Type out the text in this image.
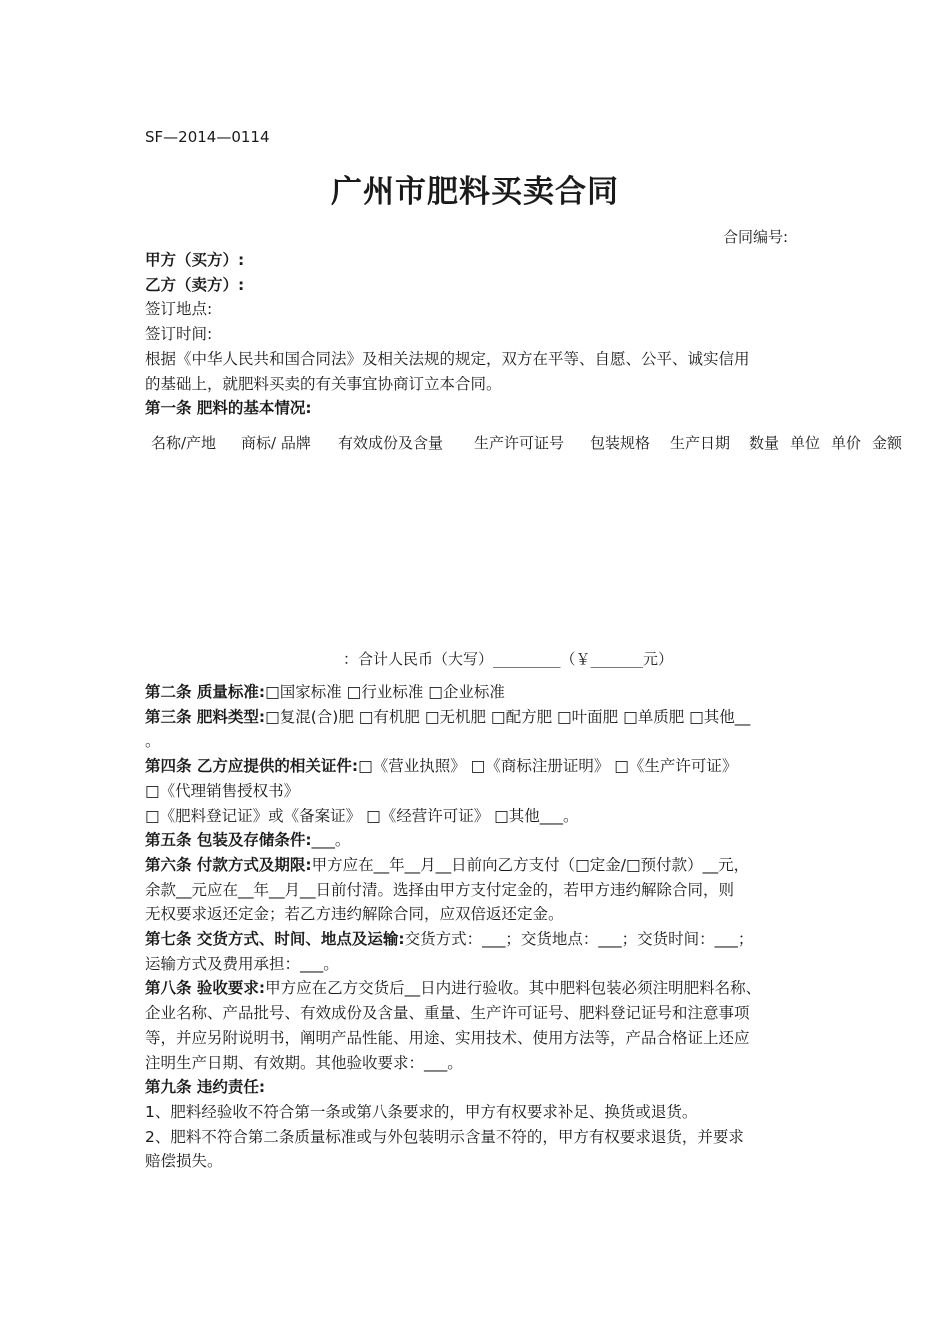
SF—2014—0114
广州市肥料买卖合同
合同编号:
甲方（买方）:
乙方（卖方）:
签订地点:
签订时间:
根据《中华人民共和国合同法》及相关法规的规定，双方在平等、自愿、公平、诚实信用
的基础上，就肥料买卖的有关事宜协商订立本合同。
第一条 肥料的基本情况:
名称/产地 商标/ 品牌 有效成份及含量 生产许可证号 包装规格 生产日期 数量 单位 单价 金额
：合计人民币（大写）_________（￥_______元）
第二条 质量标准:□国家标准 □行业标准 □企业标准
第三条 肥料类型:□复混(合)肥 □有机肥 □无机肥 □配方肥 □叶面肥 □单质肥 □其他__
。
第四条 乙方应提供的相关证件:□《营业执照》 □《商标注册证明》 □《生产许可证》
□《代理销售授权书》
□《肥料登记证》或《备案证》 □《经营许可证》 □其他___。
第五条 包装及存储条件:___。
第六条 付款方式及期限:甲方应在__年__月__日前向乙方支付（□定金/□预付款）__元，
余款__元应在__年__月__日前付清。选择由甲方支付定金的，若甲方违约解除合同，则
无权要求返还定金；若乙方违约解除合同，应双倍返还定金。
第七条 交货方式、时间、地点及运输:交货方式：___；交货地点：___；交货时间：___；
运输方式及费用承担：___。
第八条 验收要求:甲方应在乙方交货后__日内进行验收。其中肥料包装必须注明肥料名称、
企业名称、产品批号、有效成份及含量、重量、生产许可证号、肥料登记证号和注意事项
等，并应另附说明书，阐明产品性能、用途、实用技术、使用方法等，产品合格证上还应
注明生产日期、有效期。其他验收要求：___。
第九条 违约责任:
1、肥料经验收不符合第一条或第八条要求的，甲方有权要求补足、换货或退货。
2、肥料不符合第二条质量标准或与外包装明示含量不符的，甲方有权要求退货，并要求
赔偿损失。
